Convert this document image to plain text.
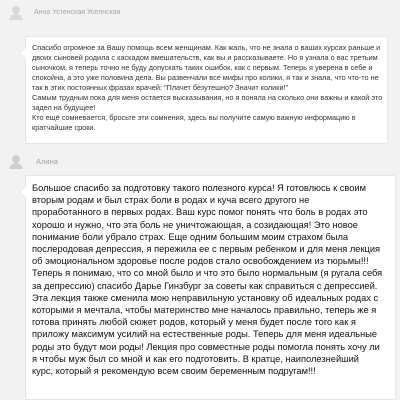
Анна Устенская Уселнская

Спасибо огромное за Вашу помощь всем женщинам. Как жаль, что не знала о ваших курсах раньше и
двоих сыновей родила с каскадом вмешательств, как вы и рассказываете. Но я узнала о вас третьим
сыночком, я теперь точно не буду допускать таких ошибок, как с первым. Теперь я уверена в себе и
спокойна, а это уже половина дела. Вы развенчали все мифы про колики, я так и знала, что что-то не
так в этих постоянных фразах врачей: "Плачет безутешно? Значит колики!"
Самым трудным пока для меня остается высказывания, но я поняла на сколько они важны и какой это
задел на будущее!
Кто ещё сомневается, бросьте эти сомнения, здесь вы получите самую важную информацию в
кратчайшие сроки.

Алина

Большое спасибо за подготовку такого полезного курса! Я готовлюсь к своим
вторым родам и был страх боли в родах и куча всего другого не
проработанного в первых родах. Ваш курс помог понять что боль в родах это
хорошо и нужно, что эта боль не уничтожающая, а созидающая! Это новое
понимание боли убрало страх. Еще одним большим моим страхом была
послеродовая депрессия, я пережила ее с первым ребенком и для меня лекция
об эмоциональном здоровье после родов стало освобождением из тюрьмы!!!
Теперь я понимаю, что со мной было и что это было нормальным (я ругала себя
за депрессию) спасибо Дарье Гинзбург за советы как справиться с депрессией.
Эта лекция также сменила мою неправильную установку об идеальных родах с
которыми я мечтала, чтобы материнство мне началось правильно, теперь же я
готова принять любой сюжет родов, который у меня будет после того как я
приложу максимум усилий на естественные роды. Теперь для меня идеальные
роды это будут мои роды! Лекция про совместные роды помогла понять хочу ли
я чтобы муж был со мной и как его подготовить. В кратце, наиполезнейший
курс, который я рекомендую всем своим беременным подругам!!!
